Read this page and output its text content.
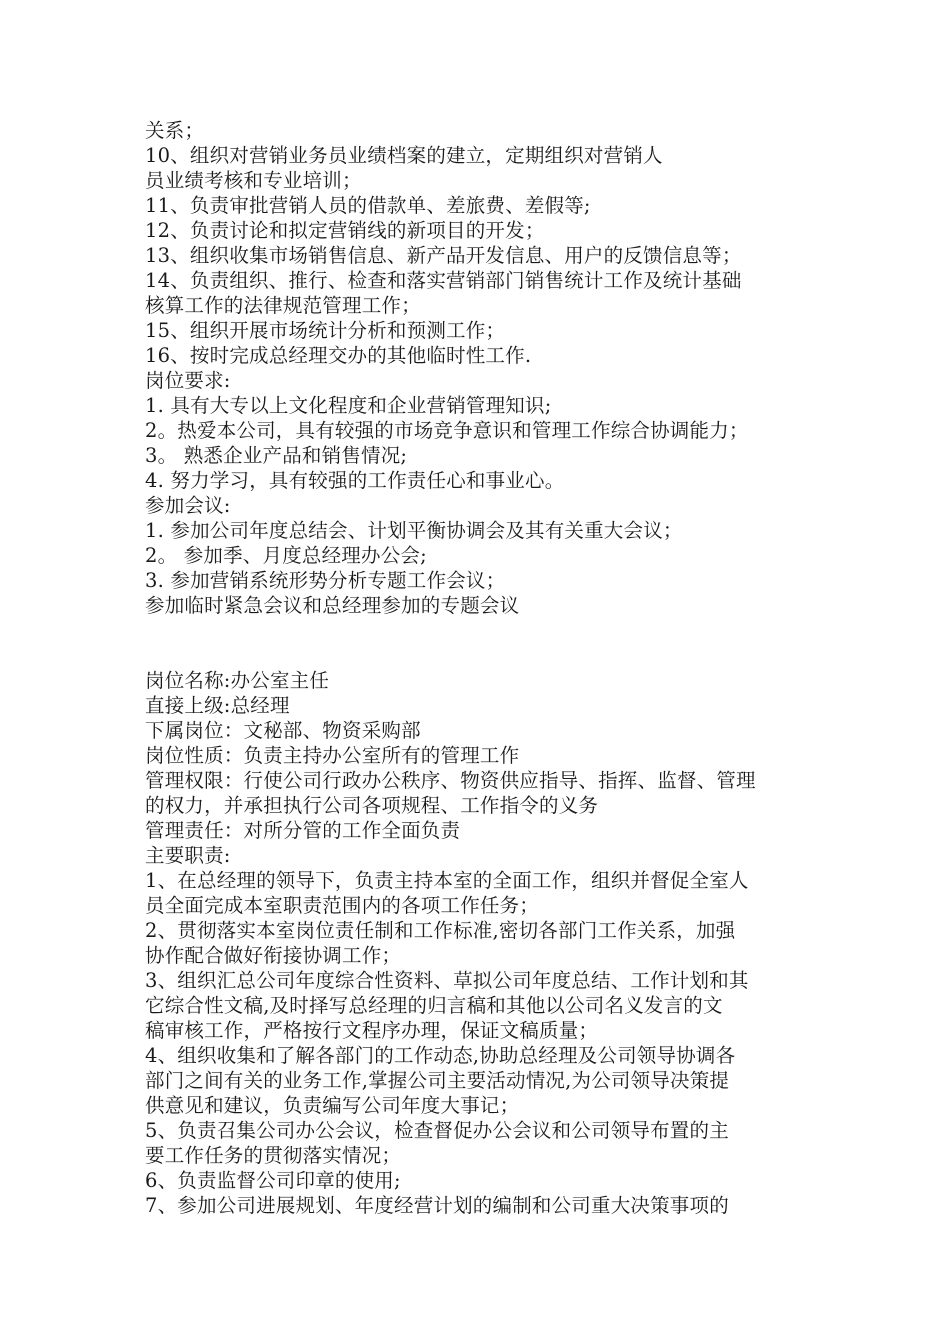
关系；
10、组织对营销业务员业绩档案的建立，定期组织对营销人
员业绩考核和专业培训；
11、负责审批营销人员的借款单、差旅费、差假等;
12、负责讨论和拟定营销线的新项目的开发；
13、组织收集市场销售信息、新产品开发信息、用户的反馈信息等；
14、负责组织、推行、检查和落实营销部门销售统计工作及统计基础
核算工作的法律规范管理工作；
15、组织开展市场统计分析和预测工作；
16、按时完成总经理交办的其他临时性工作.
岗位要求:
1. 具有大专以上文化程度和企业营销管理知识;
2。热爱本公司，具有较强的市场竞争意识和管理工作综合协调能力；
3。 熟悉企业产品和销售情况;
4. 努力学习，具有较强的工作责任心和事业心。
参加会议:
1. 参加公司年度总结会、计划平衡协调会及其有关重大会议；
2。 参加季、月度总经理办公会;
3. 参加营销系统形势分析专题工作会议；
参加临时紧急会议和总经理参加的专题会议
岗位名称:办公室主任
直接上级:总经理
下属岗位：文秘部、物资采购部
岗位性质：负责主持办公室所有的管理工作
管理权限：行使公司行政办公秩序、物资供应指导、指挥、监督、管理
的权力，并承担执行公司各项规程、工作指令的义务
管理责任：对所分管的工作全面负责
主要职责:
1、在总经理的领导下，负责主持本室的全面工作，组织并督促全室人
员全面完成本室职责范围内的各项工作任务；
2、贯彻落实本室岗位责任制和工作标准,密切各部门工作关系，加强
协作配合做好衔接协调工作；
3、组织汇总公司年度综合性资料、草拟公司年度总结、工作计划和其
它综合性文稿,及时择写总经理的归言稿和其他以公司名义发言的文
稿审核工作，严格按行文程序办理，保证文稿质量；
4、组织收集和了解各部门的工作动态,协助总经理及公司领导协调各
部门之间有关的业务工作,掌握公司主要活动情况,为公司领导决策提
供意见和建议，负责编写公司年度大事记；
5、负责召集公司办公会议，检查督促办公会议和公司领导布置的主
要工作任务的贯彻落实情况；
6、负责监督公司印章的使用;
7、参加公司进展规划、年度经营计划的编制和公司重大决策事项的
